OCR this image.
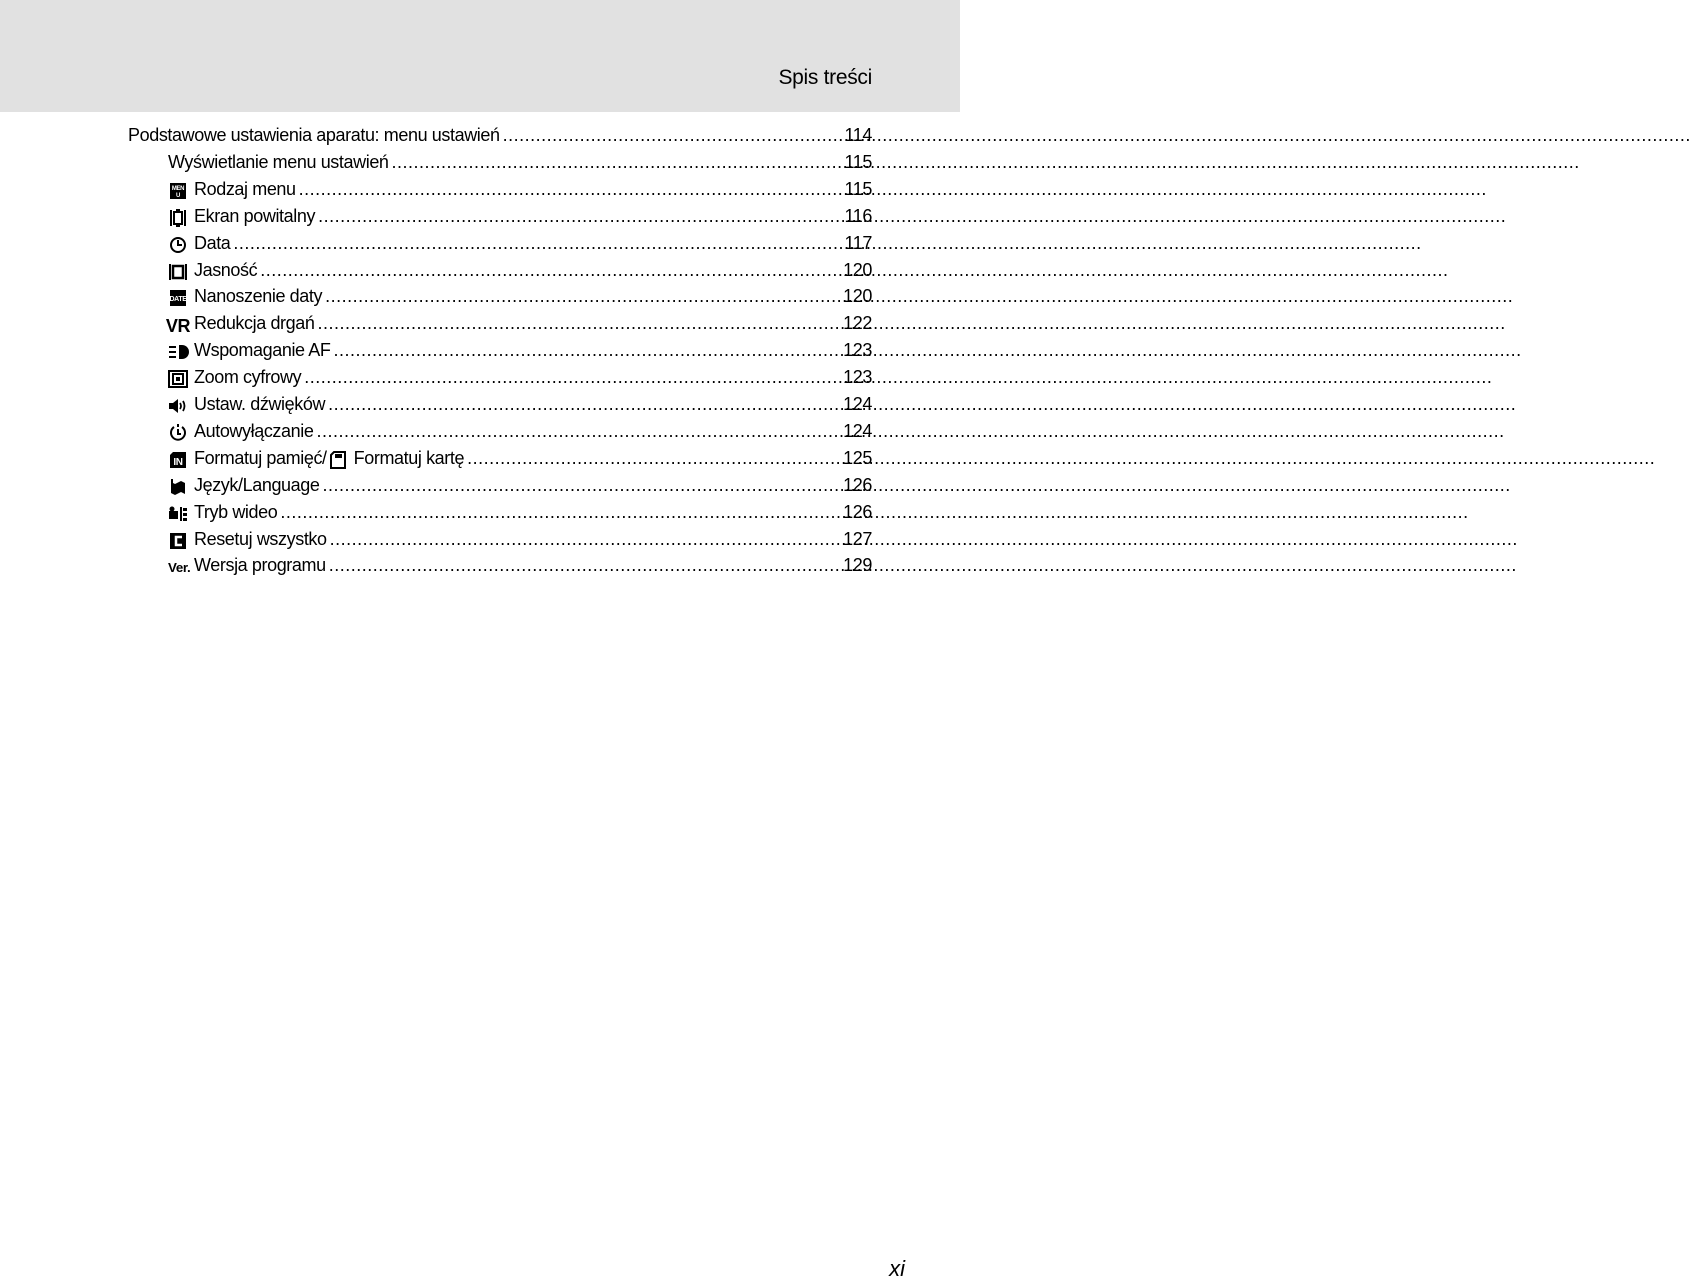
Spis treści
Podstawowe ustawienia aparatu: menu ustawień .....	114
Wyświetlanie menu ustawień .....	115
MEN
U Rodzaj menu .....	115
Ekran powitalny .....	116
Data .....	117
Jasność .....	120
DATE Nanoszenie daty .....	120
VR Redukcja drgań .....	122
Wspomaganie AF .....	123
Zoom cyfrowy .....	123
Ustaw. dźwięków .....	124
Autowyłączanie .....	124
IN Formatuj pamięć/ Formatuj kartę .....	125
Język/Language .....	126
Tryb wideo .....	126
Resetuj wszystko .....	127
Ver. Wersja programu .....	129
xi
